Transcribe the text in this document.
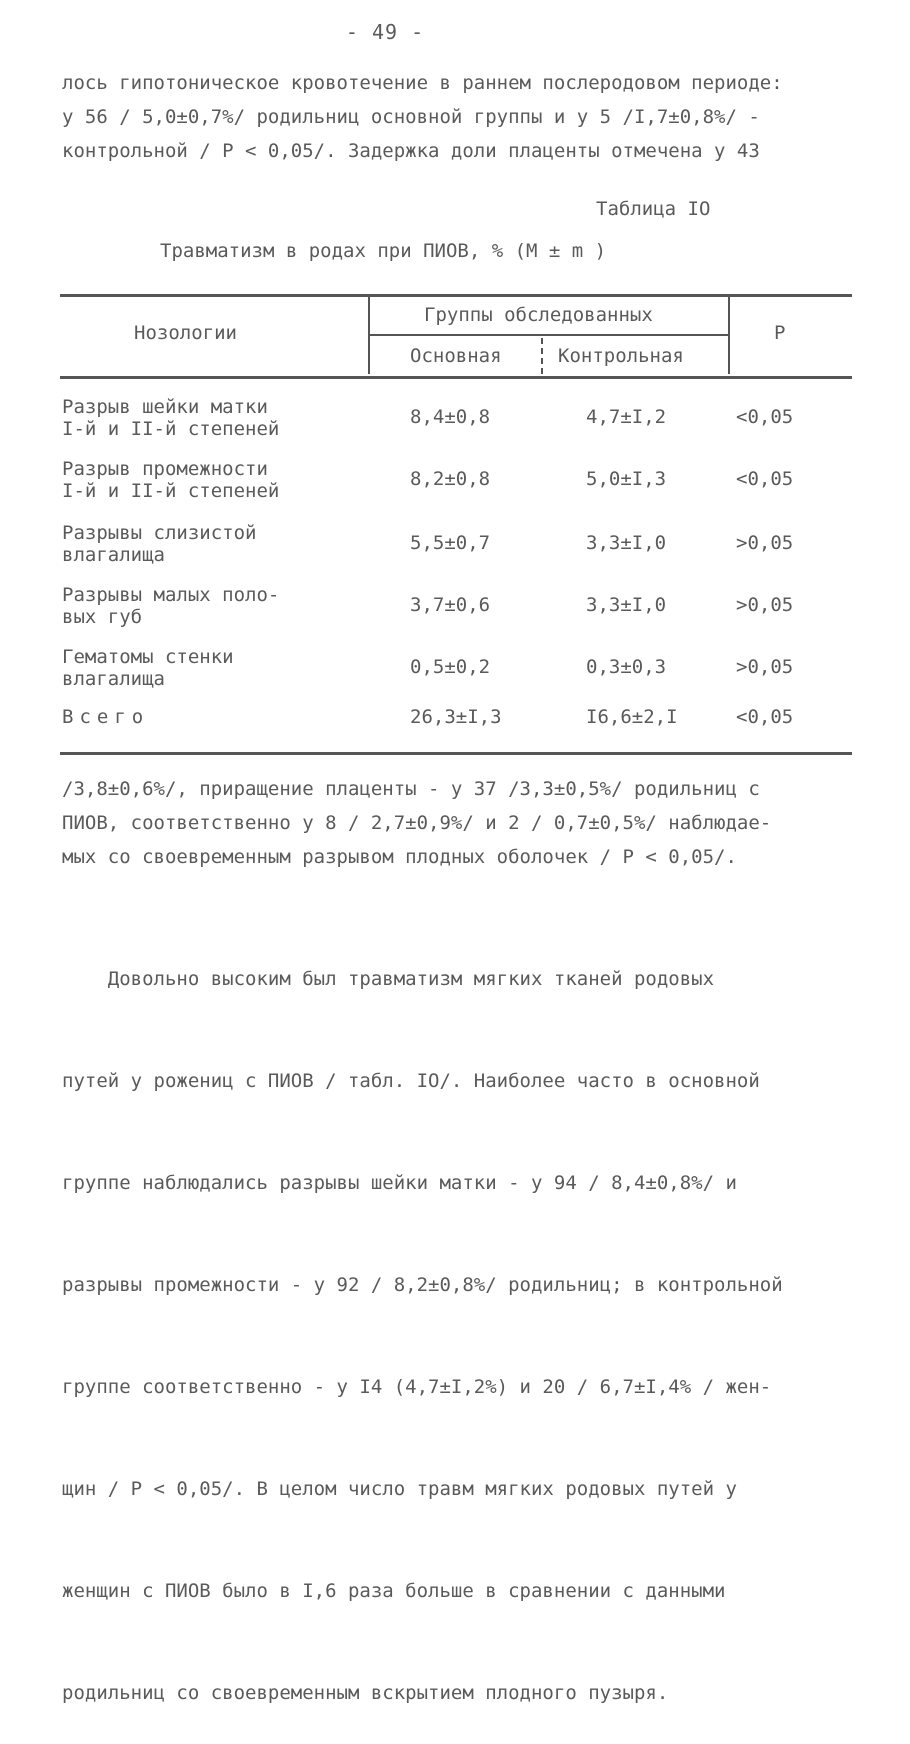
- 49 -

лось гипотоническое кровотечение в раннем послеродовом периоде:

у 56 / 5,0±0,7%/ родильниц основной группы и у 5 /I,7±0,8%/ -

контрольной / Р < 0,05/. Задержка доли плаценты отмечена у 43

Таблица IO
Травматизм в родах при ПИОВ, % (M ± m )
Нозологии
Группы обследованных
Основная	Контрольная
Р
Разрыв шейки матки
I-й и II-й степеней
8,4±0,8	4,7±I,2	<0,05
Разрыв промежности
I-й и II-й степеней
8,2±0,8	5,0±I,3	<0,05
Разрывы слизистой
влагалища
5,5±0,7	3,3±I,0	>0,05
Разрывы малых поло-
вых губ
3,7±0,6	3,3±I,0	>0,05
Гематомы стенки
влагалища
0,5±0,2	0,3±0,3	>0,05
Всего	26,3±I,3	I6,6±2,I	<0,05

/3,8±0,6%/, приращение плаценты - у 37 /3,3±0,5%/ родильниц с

ПИОВ, соответственно у 8 / 2,7±0,9%/ и 2 / 0,7±0,5%/ наблюдае-

мых со своевременным разрывом плодных оболочек / Р < 0,05/.

Довольно высоким был травматизм мягких тканей родовых

путей у рожениц с ПИОВ / табл. IO/. Наиболее часто в основной

группе наблюдались разрывы шейки матки - у 94 / 8,4±0,8%/ и

разрывы промежности - у 92 / 8,2±0,8%/ родильниц; в контрольной

группе соответственно - у I4 (4,7±I,2%) и 20 / 6,7±I,4% / жен-

щин / Р < 0,05/. В целом число травм мягких родовых путей у

женщин с ПИОВ было в I,6 раза больше в сравнении с данными

родильниц со своевременным вскрытием плодного пузыря.
